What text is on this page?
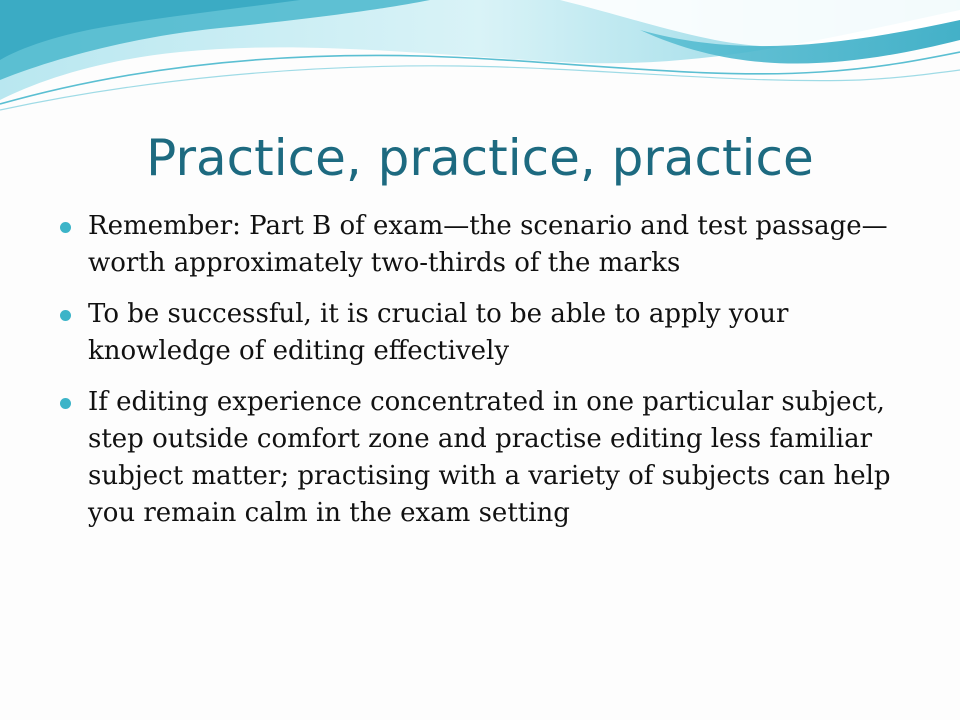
Practice, practice, practice
Remember: Part B of exam—the scenario and test passage—worth approximately two-thirds of the marks
To be successful, it is crucial to be able to apply your knowledge of editing effectively
If editing experience concentrated in one particular subject, step outside comfort zone and practise editing less familiar subject matter; practising with a variety of subjects can help you remain calm in the exam setting
